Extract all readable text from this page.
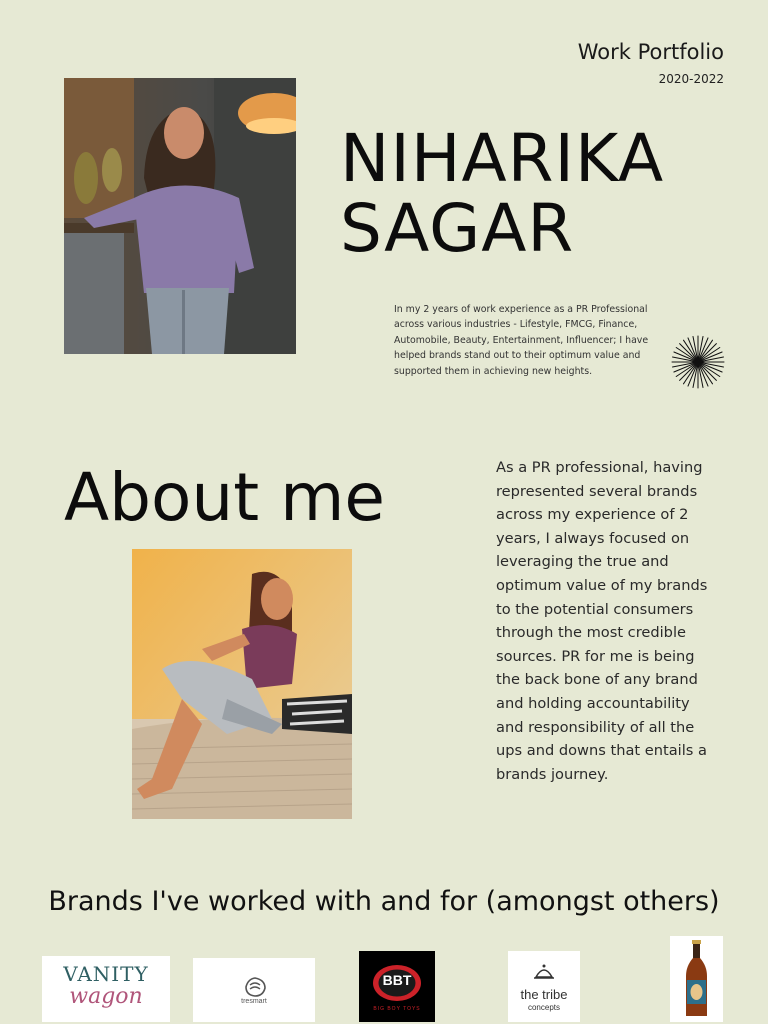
Work Portfolio
2020-2022
NIHARIKA
SAGAR
In my 2 years of work experience as a PR Professional across various industries - Lifestyle, FMCG, Finance, Automobile, Beauty, Entertainment, Influencer; I have helped brands stand out to their optimum value and supported them in achieving new heights.
About me	As a PR professional, having represented several brands across my experience of 2 years, I always focused on leveraging the true and optimum value of my brands to the potential consumers through the most credible sources. PR for me is being the back bone of any brand and holding accountability and responsibility of all the ups and downs that entails a brands journey.
Brands I've worked with and for (amongst others)
VANITY
wagon	tresmart
BBT
BIG BOY TOYS
the tribe
concepts
